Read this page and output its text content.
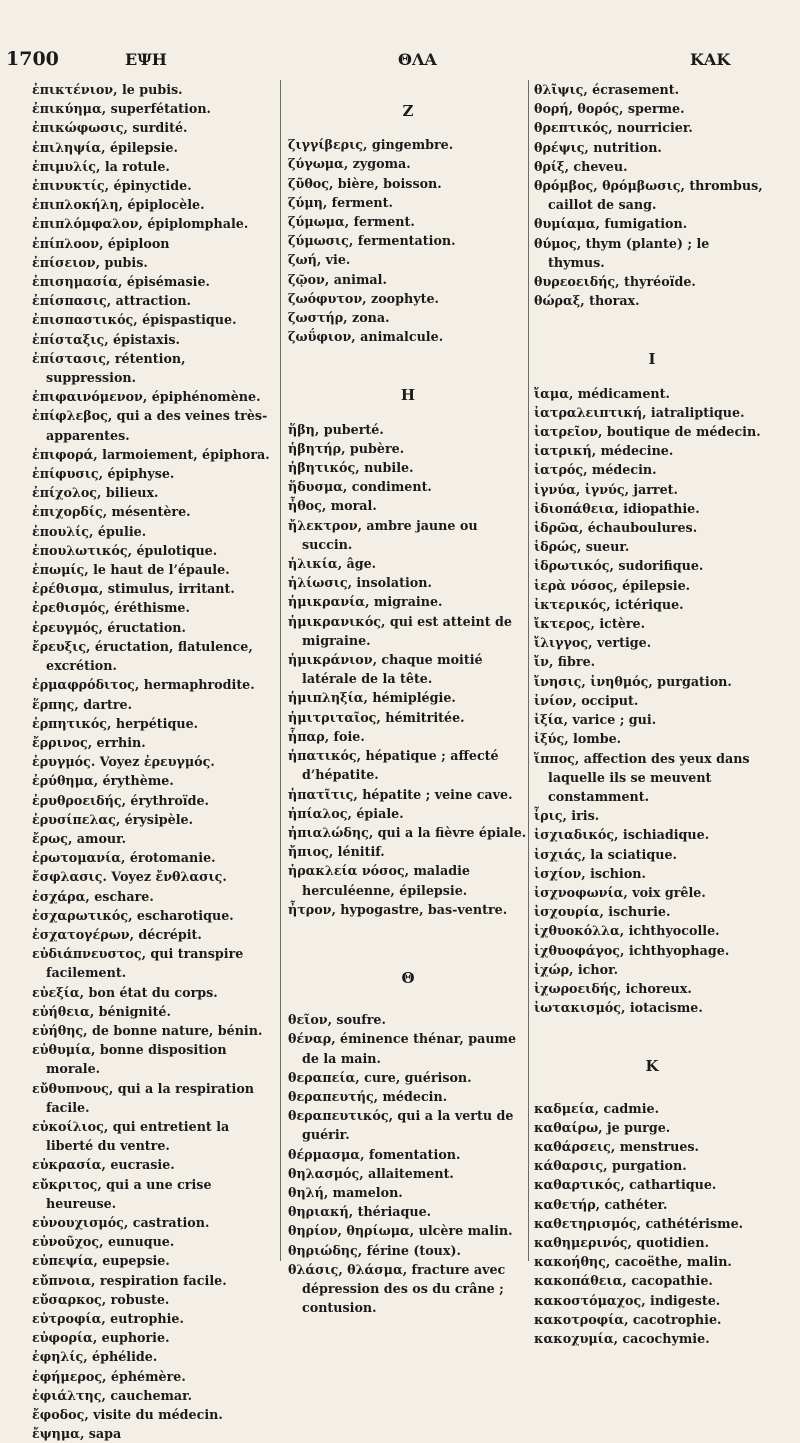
1700	ΕΨΗ	ΘΛΑ	ΚΑΚ

ἐπικτένιον, le pubis.

ἐπικύημα, superfétation.

ἐπικώφωσις, surdité.

ἐπιληψία, épilepsie.

ἐπιμυλίς, la rotule.

ἐπινυκτίς, épinyctide.

ἐπιπλοκήλη, épiplocèle.

ἐπιπλόμφαλον, épiplomphale.

ἐπίπλοον, épiploon

ἐπίσειον, pubis.

ἐπισημασία, épisémasie.

ἐπίσπασις, attraction.

ἐπισπαστικός, épispastique.

ἐπίσταξις, épistaxis.

ἐπίστασις, rétention, suppression.

ἐπιφαινόμενον, épiphénomène.

ἐπίφλεβος, qui a des veines très-apparentes.

ἐπιφορά, larmoiement, épiphora.

ἐπίφυσις, épiphyse.

ἐπίχολος, bilieux.

ἐπιχορδίς, mésentère.

ἐπουλίς, épulie.

ἐπουλωτικός, épulotique.

ἐπωμίς, le haut de l’épaule.

ἐρέθισμα, stimulus, irritant.

ἐρεθισμός, éréthisme.

ἐρευγμός, éructation.

ἔρευξις, éructation, flatulence, excrétion.

ἑρμαφρόδιτος, hermaphrodite.

ἕρπης, dartre.

ἑρπητικός, herpétique.

ἔρρινος, errhin.

ἐρυγμός. Voyez ἐρευγμός.

ἐρύθημα, érythème.

ἐρυθροειδής, érythroïde.

ἐρυσίπελας, érysipèle.

ἔρως, amour.

ἐρωτομανία, érotomanie.

ἔσφλασις. Voyez ἔνθλασις.

ἐσχάρα, eschare.

ἐσχαρωτικός, escharotique.

ἐσχατογέρων, décrépit.

εὐδιάπνευστος, qui transpire facilement.

εὐεξία, bon état du corps.

εὐήθεια, bénignité.

εὐήθης, de bonne nature, bénin.

εὐθυμία, bonne disposition morale.

εὔθυπνους, qui a la respiration facile.

εὐκοίλιος, qui entretient la liberté du ventre.

εὐκρασία, eucrasie.

εὔκριτος, qui a une crise heureuse.

εὐνουχισμός, castration.

εὐνοῦχος, eunuque.

εὐπεψία, eupepsie.

εὔπνοια, respiration facile.

εὔσαρκος, robuste.

εὐτροφία, eutrophie.

εὐφορία, euphorie.

ἐφηλίς, éphélide.

ἐφήμερος, éphémère.

ἐφιάλτης, cauchemar.

ἔφοδος, visite du médecin.

ἔψημα, sapa

Z

ζιγγίβερις, gingembre.

ζύγωμα, zygoma.

ζῦθος, bière, boisson.

ζύμη, ferment.

ζύμωμα, ferment.

ζύμωσις, fermentation.

ζωή, vie.

ζῷον, animal.

ζωόφυτον, zoophyte.

ζωστήρ, zona.

ζωΰφιον, animalcule.

H

ἥβη, puberté.

ἡβητήρ, pubère.

ἡβητικός, nubile.

ἥδυσμα, condiment.

ἦθος, moral.

ἤλεκτρον, ambre jaune ou succin.

ἡλικία, âge.

ἡλίωσις, insolation.

ἡμικρανία, migraine.

ἡμικρανικός, qui est atteint de migraine.

ἡμικράνιον, chaque moitié latérale de la tête.

ἡμιπληξία, hémiplégie.

ἡμιτριταῖος, hémitritée.

ἧπαρ, foie.

ἡπατικός, hépatique ; affecté d’hépatite.

ἡπατῖτις, hépatite ; veine cave.

ἠπίαλος, épiale.

ἠπιαλώδης, qui a la fièvre épiale.

ἤπιος, lénitif.

ἡρακλεία νόσος, maladie herculéenne, épilepsie.

ἦτρον, hypogastre, bas-ventre.

Θ

θεῖον, soufre.

θέναρ, éminence thénar, paume de la main.

θεραπεία, cure, guérison.

θεραπευτής, médecin.

θεραπευτικός, qui a la vertu de guérir.

θέρμασμα, fomentation.

θηλασμός, allaitement.

θηλή, mamelon.

θηριακή, thériaque.

θηρίον, θηρίωμα, ulcère malin.

θηριώδης, férine (toux).

θλάσις, θλάσμα, fracture avec dépression des os du crâne ; contusion.

θλῖψις, écrasement.

θορή, θορός, sperme.

θρεπτικός, nourricier.

θρέψις, nutrition.

θρίξ, cheveu.

θρόμβος, θρόμβωσις, thrombus, caillot de sang.

θυμίαμα, fumigation.

θύμος, thym (plante) ; le thymus.

θυρεοειδής, thyréoïde.

θώραξ, thorax.

I

ἴαμα, médicament.

ἰατραλειπτική, iatraliptique.

ἰατρεῖον, boutique de médecin.

ἰατρική, médecine.

ἰατρός, médecin.

ἰγνύα, ἰγνύς, jarret.

ἰδιοπάθεια, idiopathie.

ἱδρῶα, échauboulures.

ἱδρώς, sueur.

ἱδρωτικός, sudorifique.

ἱερὰ νόσος, épilepsie.

ἰκτερικός, ictérique.

ἴκτερος, ictère.

ἴλιγγος, vertige.

ἴν, fibre.

ἴνησις, ἰνηθμός, purgation.

ἰνίον, occiput.

ἰξία, varice ; gui.

ἰξύς, lombe.

ἵππος, affection des yeux dans laquelle ils se meuvent constamment.

ἶρις, iris.

ἰσχιαδικός, ischiadique.

ἰσχιάς, la sciatique.

ἰσχίον, ischion.

ἰσχνοφωνία, voix grêle.

ἰσχουρία, ischurie.

ἰχθυοκόλλα, ichthyocolle.

ἰχθυοφάγος, ichthyophage.

ἰχώρ, ichor.

ἰχωροειδής, ichoreux.

ἰωτακισμός, iotacisme.

K

καδμεία, cadmie.

καθαίρω, je purge.

καθάρσεις, menstrues.

κάθαρσις, purgation.

καθαρτικός, cathartique.

καθετήρ, cathéter.

καθετηρισμός, cathétérisme.

καθημερινός, quotidien.

κακοήθης, cacoëthe, malin.

κακοπάθεια, cacopathie.

κακοστόμαχος, indigeste.

κακοτροφία, cacotrophie.

κακοχυμία, cacochymie.
